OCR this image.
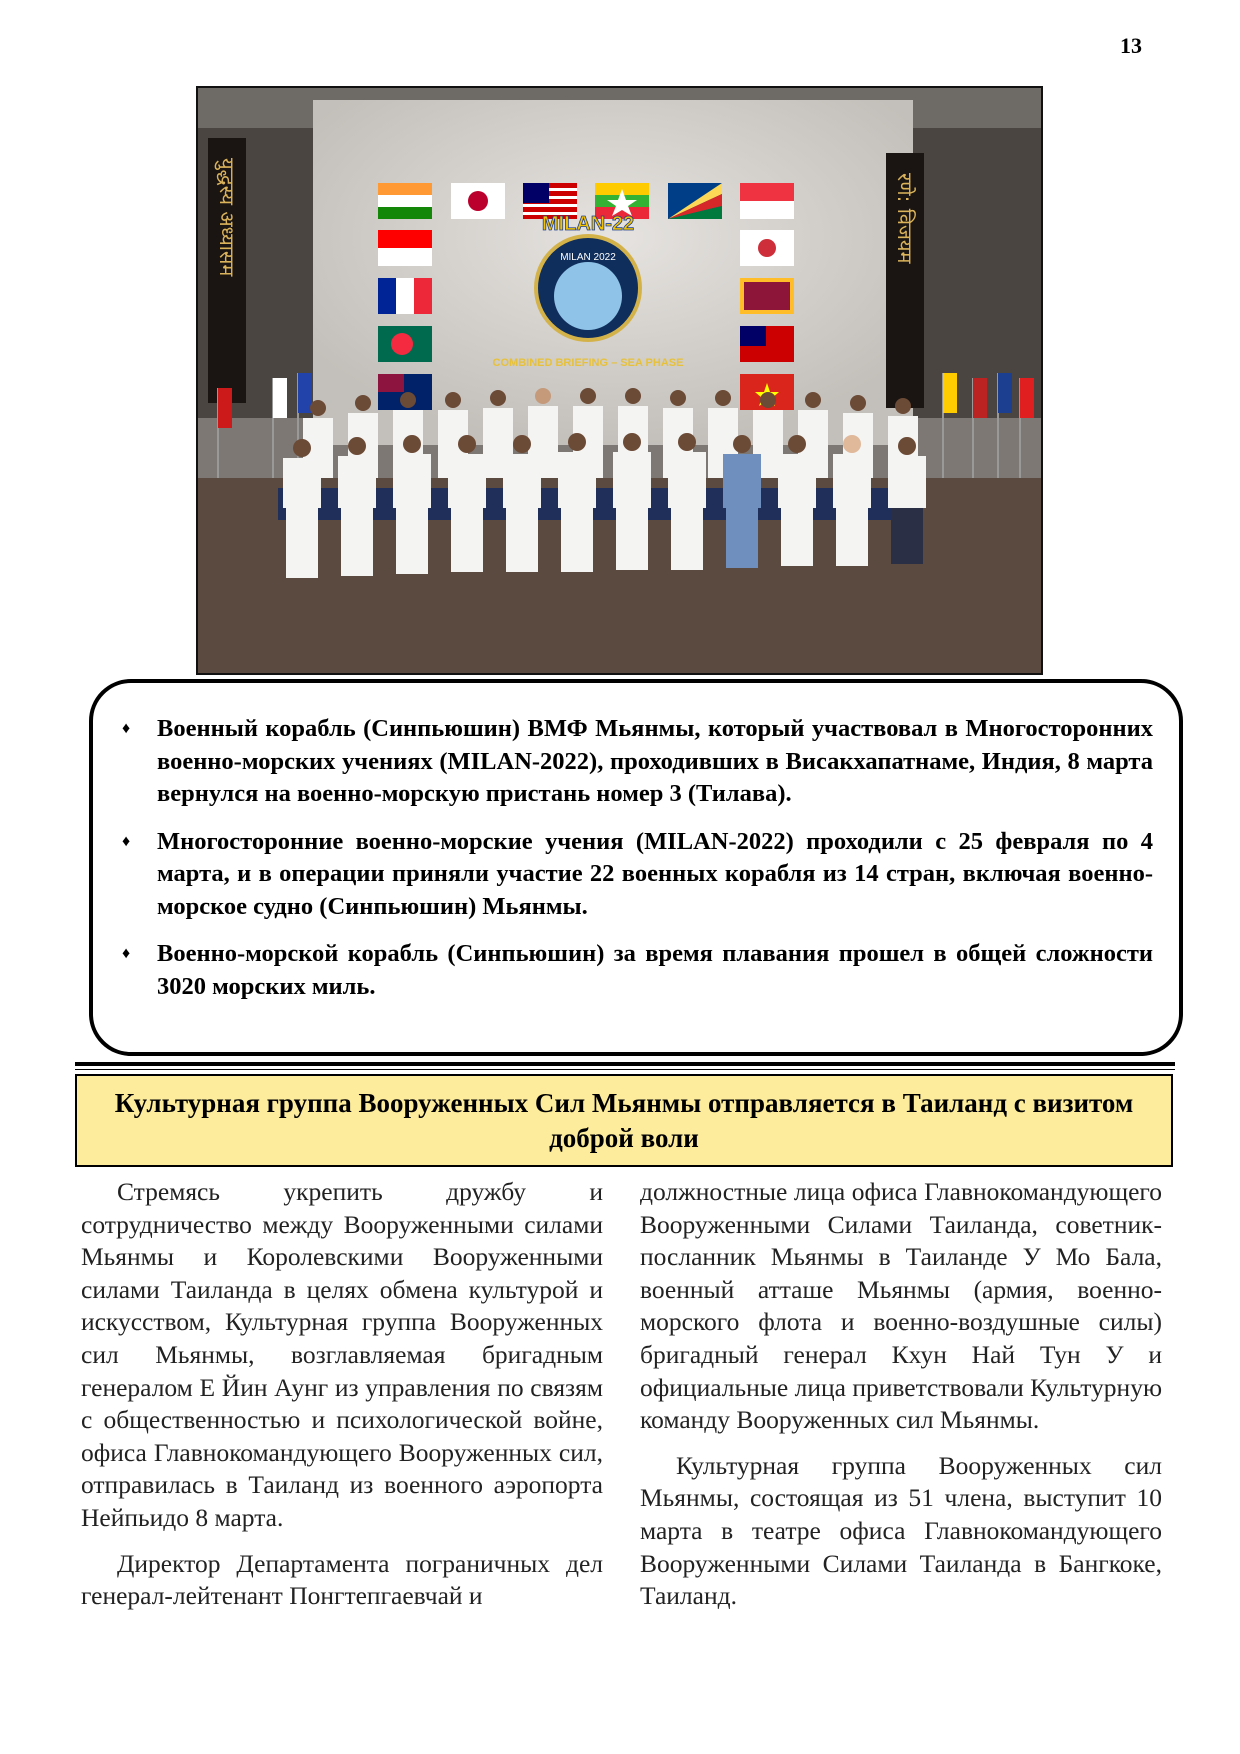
13
MILAN-22
MILAN 2022
COMBINED BRIEFING – SEA PHASE
युद्धस्य अध्यासम	रणे: विजयम
♦ Военный корабль (Синпьюшин) ВМФ Мьянмы, который участвовал в Многосторонних военно-морских учениях (MILAN-2022), проходивших в Висакхапатнаме, Индия, 8 марта вернулся на военно-морскую пристань номер 3 (Тилава).
♦ Многосторонние военно-морские учения (MILAN-2022) проходили с 25 февраля по 4 марта, и в операции приняли участие 22 военных корабля из 14 стран, включая военно-морское судно (Синпьюшин) Мьянмы.
♦ Военно-морской корабль (Синпьюшин) за время плавания прошел в общей сложности 3020 морских миль.
Культурная группа Вооруженных Сил Мьянмы отправляется в Таиланд с визитом доброй воли

Стремясь укрепить дружбу и сотрудничество между Вооруженными силами Мьянмы и Королевскими Вооруженными силами Таиланда в целях обмена культурой и искусством, Культурная группа Вооруженных сил Мьянмы, возглавляемая бригадным генералом Е Йин Аунг из управления по связям с общественностью и психологической войне, офиса Главнокомандующего Вооруженных сил, отправилась в Таиланд из военного аэропорта Нейпьидо 8 марта.

Директор Департамента пограничных дел генерал-лейтенант Понгтепгаевчай и

должностные лица офиса Главнокомандующего Вооруженными Силами Таиланда, советник-посланник Мьянмы в Таиланде У Мо Бала, военный атташе Мьянмы (армия, военно-морского флота и военно-воздушные силы) бригадный генерал Кхун Най Тун У и официальные лица приветствовали Культурную команду Вооруженных сил Мьянмы.

Культурная группа Вооруженных сил Мьянмы, состоящая из 51 члена, выступит 10 марта в театре офиса Главнокомандующего Вооруженными Силами Таиланда в Бангкоке, Таиланд.
